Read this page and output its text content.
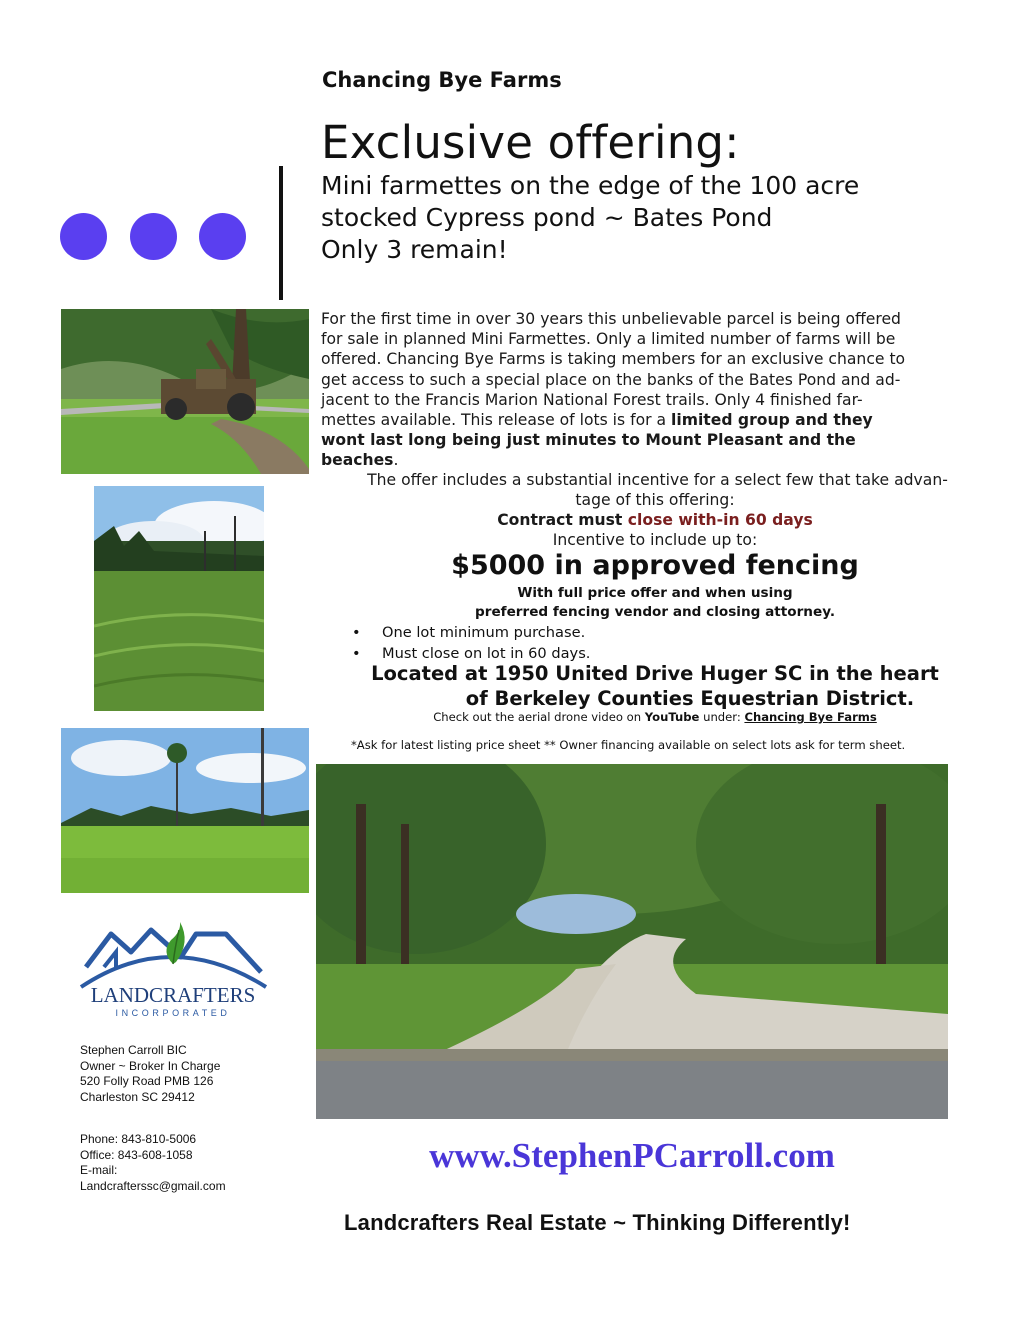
Chancing Bye Farms
Exclusive offering:
Mini farmettes on the edge of the 100 acre
stocked Cypress pond ~ Bates Pond
Only 3 remain!
For the first time in over 30 years this unbelievable parcel is being offered
for sale in planned Mini Farmettes. Only a limited number of farms will be
offered. Chancing Bye Farms is taking members for an exclusive chance to
get access to such a special place on the banks of the Bates Pond and ad-
jacent to the Francis Marion National Forest trails. Only 4 finished far-
mettes available. This release of lots is for a limited group and they
wont last long being just minutes to Mount Pleasant and the
beaches.
The offer includes a substantial incentive for a select few that take advan-
tage of this offering:
Contract must close with-in 60 days
Incentive to include up to:
$5000 in approved fencing
With full price offer and when using
preferred fencing vendor and closing attorney.
• One lot minimum purchase.
• Must close on lot in 60 days.
Located at 1950 United Drive Huger SC in the heart
of Berkeley Counties Equestrian District.
Check out the aerial drone video on YouTube under: Chancing Bye Farms
*Ask for latest listing price sheet ** Owner financing available on select lots ask for term sheet.
LANDCRAFTERS
INCORPORATED
Stephen Carroll BIC
Owner ~ Broker In Charge
520 Folly Road PMB 126
Charleston SC 29412
Phone: 843-810-5006
Office: 843-608-1058
E-mail:
Landcrafterssc@gmail.com
www.StephenPCarroll.com
Landcrafters Real Estate ~ Thinking Differently!
